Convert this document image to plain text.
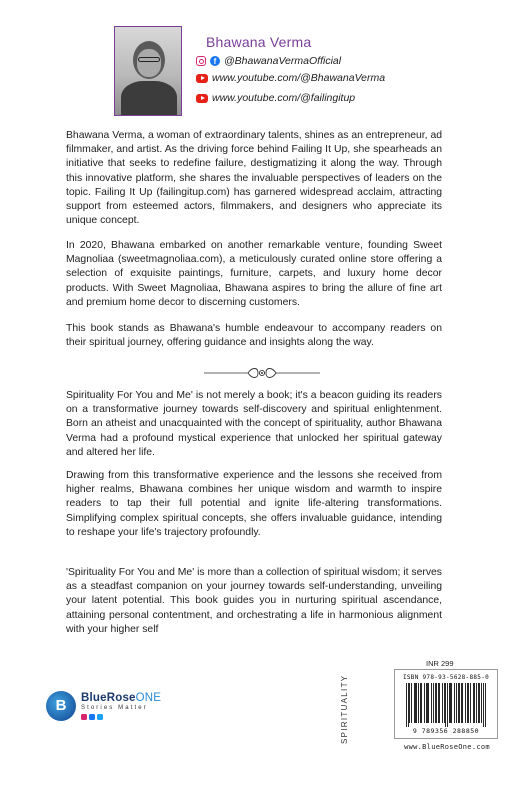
Bhawana Verma
f @BhawanaVermaOfficial
www.youtube.com/@BhawanaVerma
www.youtube.com/@failingitup

Bhawana Verma, a woman of extraordinary talents, shines as an entrepreneur, ad filmmaker, and artist. As the driving force behind Failing It Up, she spearheads an initiative that seeks to redefine failure, destigmatizing it along the way. Through this innovative platform, she shares the invaluable perspectives of leaders on the topic. Failing It Up (failingitup.com) has garnered widespread acclaim, attracting support from esteemed actors, filmmakers, and designers who appreciate its unique concept.

In 2020, Bhawana embarked on another remarkable venture, founding Sweet Magnoliaa (sweetmagnoliaa.com), a meticulously curated online store offering a selection of exquisite paintings, furniture, carpets, and luxury home decor products. With Sweet Magnoliaa, Bhawana aspires to bring the allure of fine art and premium home decor to discerning customers.

This book stands as Bhawana's humble endeavour to accompany readers on their spiritual journey, offering guidance and insights along the way.

Spirituality For You and Me' is not merely a book; it's a beacon guiding its readers on a transformative journey towards self-discovery and spiritual enlightenment. Born an atheist and unacquainted with the concept of spirituality, author Bhawana Verma had a profound mystical experience that unlocked her spiritual gateway and altered her life.

Drawing from this transformative experience and the lessons she received from higher realms, Bhawana combines her unique wisdom and warmth to inspire readers to tap their full potential and ignite life-altering transformations. Simplifying complex spiritual concepts, she offers invaluable guidance, intending to reshape your life's trajectory profoundly.

'Spirituality For You and Me' is more than a collection of spiritual wisdom; it serves as a steadfast companion on your journey towards self-understanding, unveiling your latent potential. This book guides you in nurturing spiritual ascendance, attaining personal contentment, and orchestrating a life in harmonious alignment with your higher self

B	BlueRoseONE
Stories Matter
INR 299
SPIRITUALITY	ISBN 978-93-5628-885-0
9 789356 288850
www.BlueRoseOne.com
